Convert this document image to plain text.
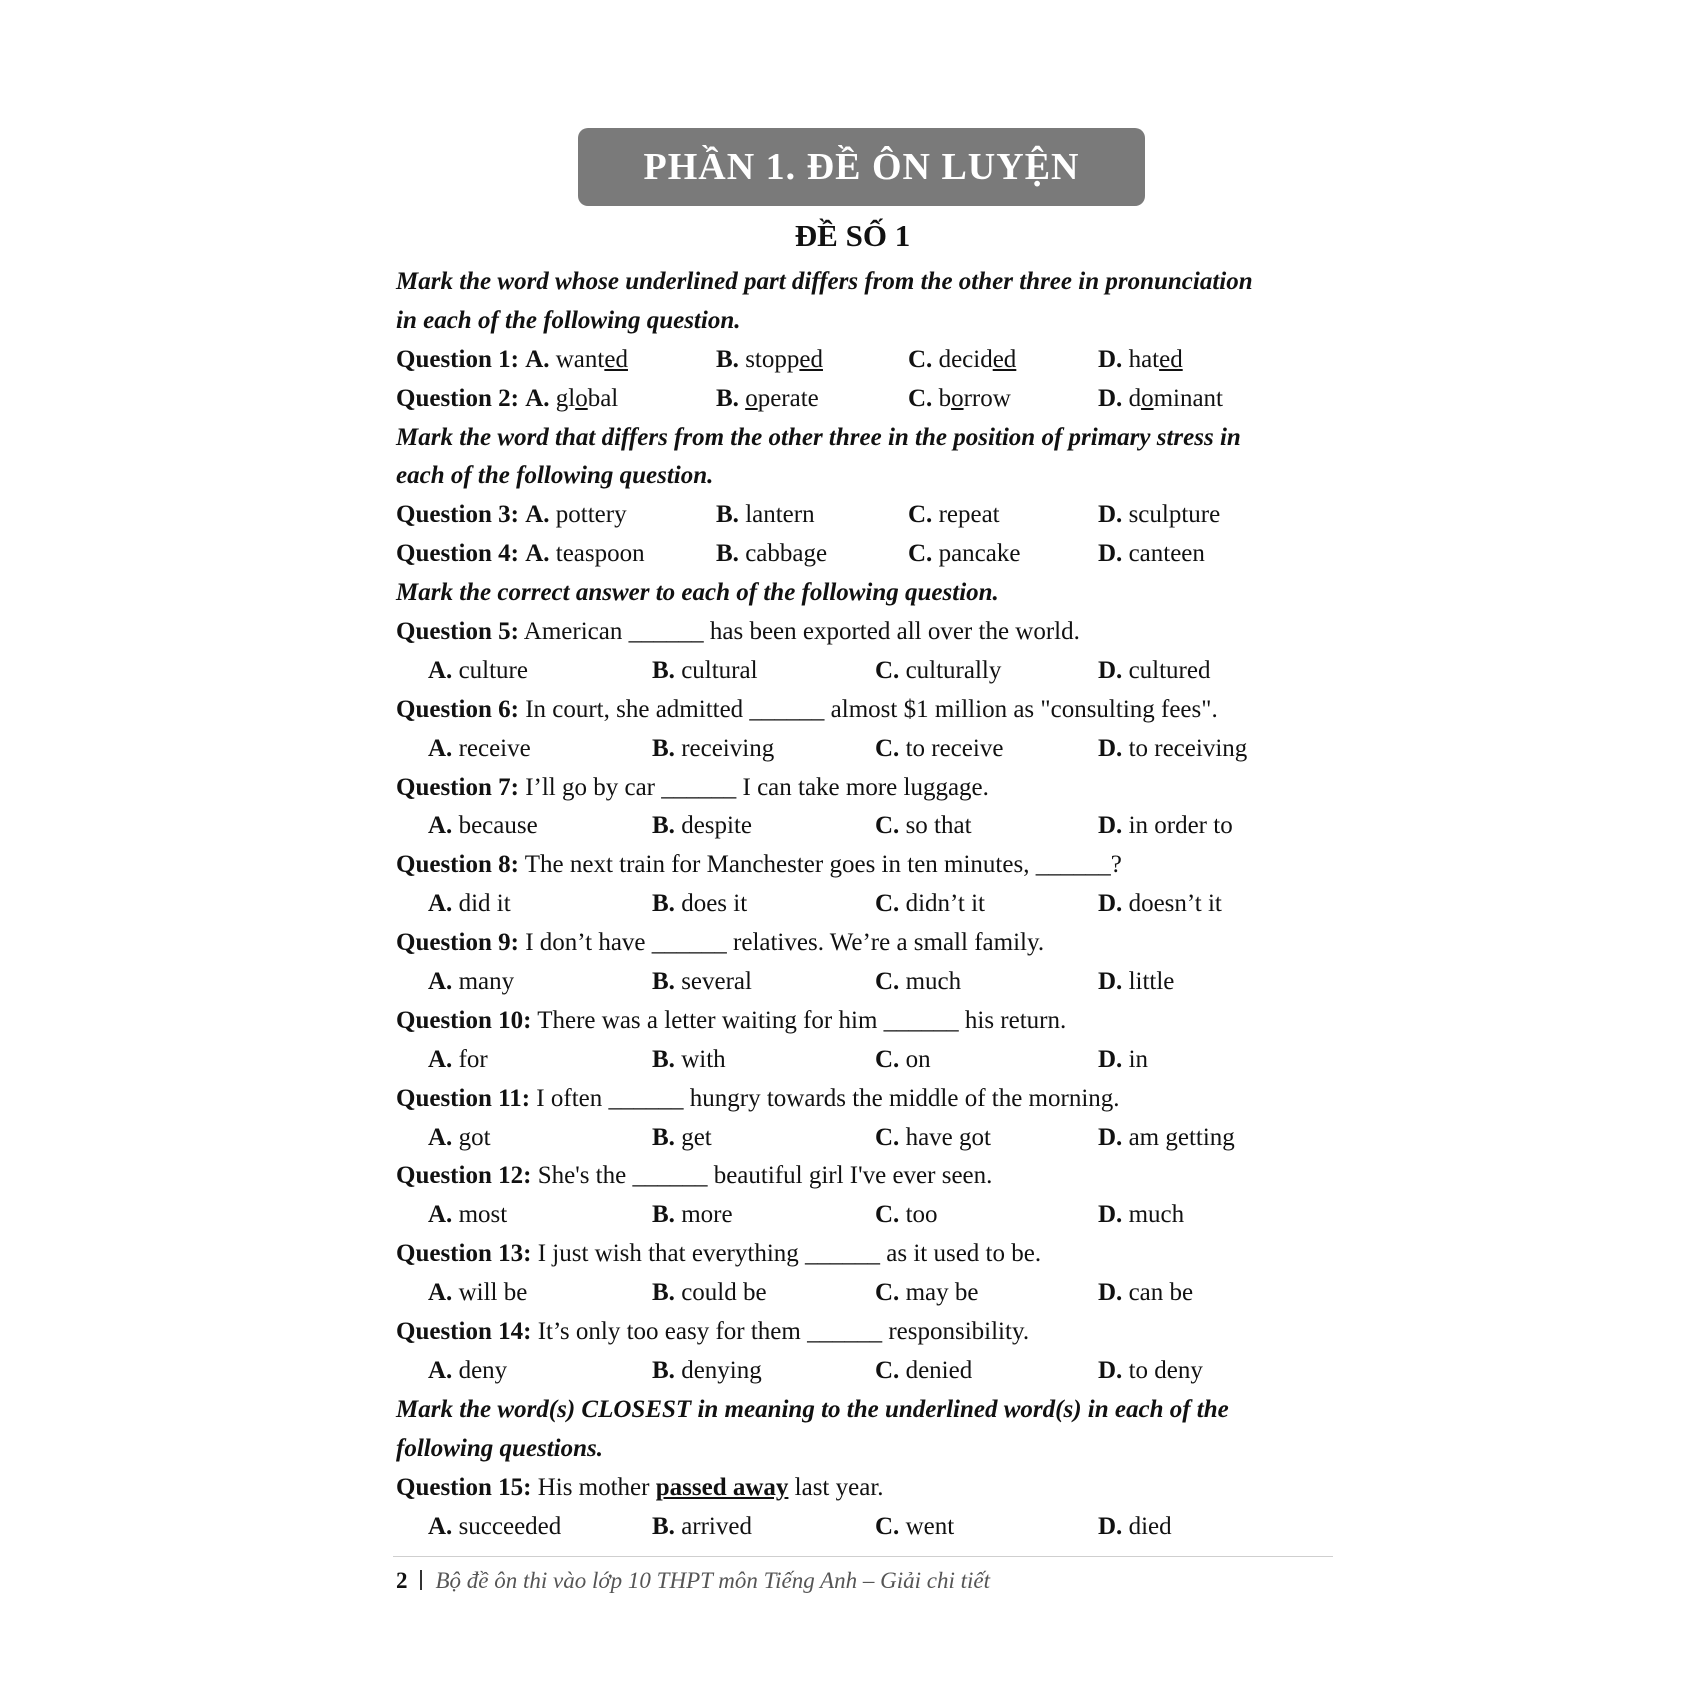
PHẦN 1. ĐỀ ÔN LUYỆN
ĐỀ SỐ 1
Mark the word whose underlined part differs from the other three in pronunciation
in each of the following question.
Question 1: A. wanted	B. stopped	C. decided	D. hated
Question 2: A. global	B. operate	C. borrow	D. dominant
Mark the word that differs from the other three in the position of primary stress in
each of the following question.
Question 3: A. pottery	B. lantern	C. repeat	D. sculpture
Question 4: A. teaspoon	B. cabbage	C. pancake	D. canteen
Mark the correct answer to each of the following question.
Question 5: American ______ has been exported all over the world.
A. culture	B. cultural	C. culturally	D. cultured
Question 6: In court, she admitted ______ almost $1 million as "consulting fees".
A. receive	B. receiving	C. to receive	D. to receiving
Question 7: I’ll go by car ______ I can take more luggage.
A. because	B. despite	C. so that	D. in order to
Question 8: The next train for Manchester goes in ten minutes, ______?
A. did it	B. does it	C. didn’t it	D. doesn’t it
Question 9: I don’t have ______ relatives. We’re a small family.
A. many	B. several	C. much	D. little
Question 10: There was a letter waiting for him ______ his return.
A. for	B. with	C. on	D. in
Question 11: I often ______ hungry towards the middle of the morning.
A. got	B. get	C. have got	D. am getting
Question 12: She's the ______ beautiful girl I've ever seen.
A. most	B. more	C. too	D. much
Question 13: I just wish that everything ______ as it used to be.
A. will be	B. could be	C. may be	D. can be
Question 14: It’s only too easy for them ______ responsibility.
A. deny	B. denying	C. denied	D. to deny
Mark the word(s) CLOSEST in meaning to the underlined word(s) in each of the
following questions.
Question 15: His mother passed away last year.
A. succeeded	B. arrived	C. went	D. died
2 Bộ đề ôn thi vào lớp 10 THPT môn Tiếng Anh – Giải chi tiết
